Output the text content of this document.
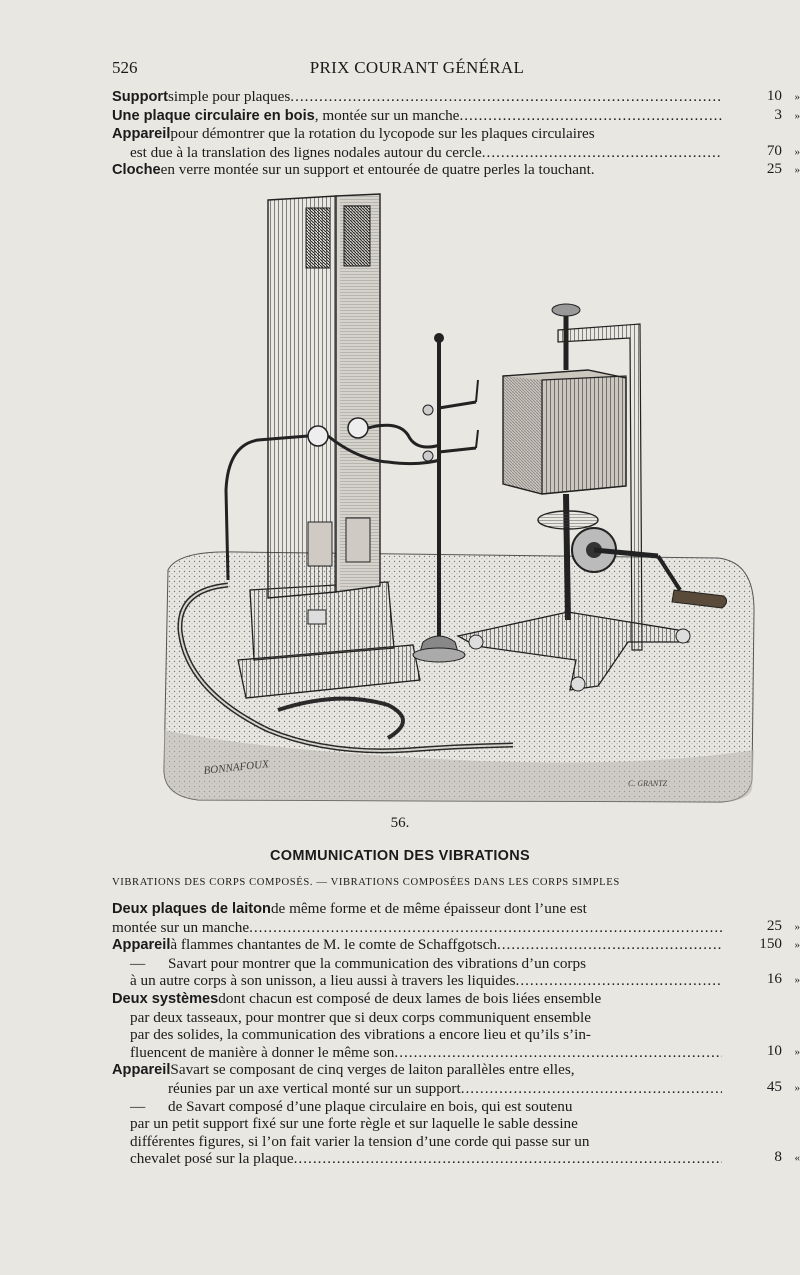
526	PRIX COURANT GÉNÉRAL
Support simple pour plaques .....	10 »
Une plaque circulaire en bois , montée sur un manche .....	3 »
Appareil pour démontrer que la rotation du lycopode sur les plaques circulaires
est due à la translation des lignes nodales autour du cercle .....	70 »
Cloche en verre montée sur un support et entourée de quatre perles la touchant.	25 »
BONNAFOUX
C. GRANTZ
56.
COMMUNICATION DES VIBRATIONS
VIBRATIONS DES CORPS COMPOSÉS. — VIBRATIONS COMPOSÉES DANS LES CORPS SIMPLES
Deux plaques de laiton de même forme et de même épaisseur dont l’une est
montée sur un manche .....	25 »
Appareil à flammes chantantes de M. le comte de Schaffgotsch .....	150 »
—	Savart pour montrer que la communication des vibrations d’un corps
à un autre corps à son unisson, a lieu aussi à travers les liquides .....	16 »
Deux systèmes dont chacun est composé de deux lames de bois liées ensemble
par deux tasseaux, pour montrer que si deux corps communiquent ensemble
par des solides, la communication des vibrations a encore lieu et qu’ils s’in-
fluencent de manière à donner le même son .....	10 »
Appareil Savart se composant de cinq verges de laiton parallèles entre elles,
réunies par un axe vertical monté sur un support .....	45 »
—	de Savart composé d’une plaque circulaire en bois, qui est soutenu
par un petit support fixé sur une forte règle et sur laquelle le sable dessine
différentes figures, si l’on fait varier la tension d’une corde qui passe sur un
chevalet posé sur la plaque .....	8 «
